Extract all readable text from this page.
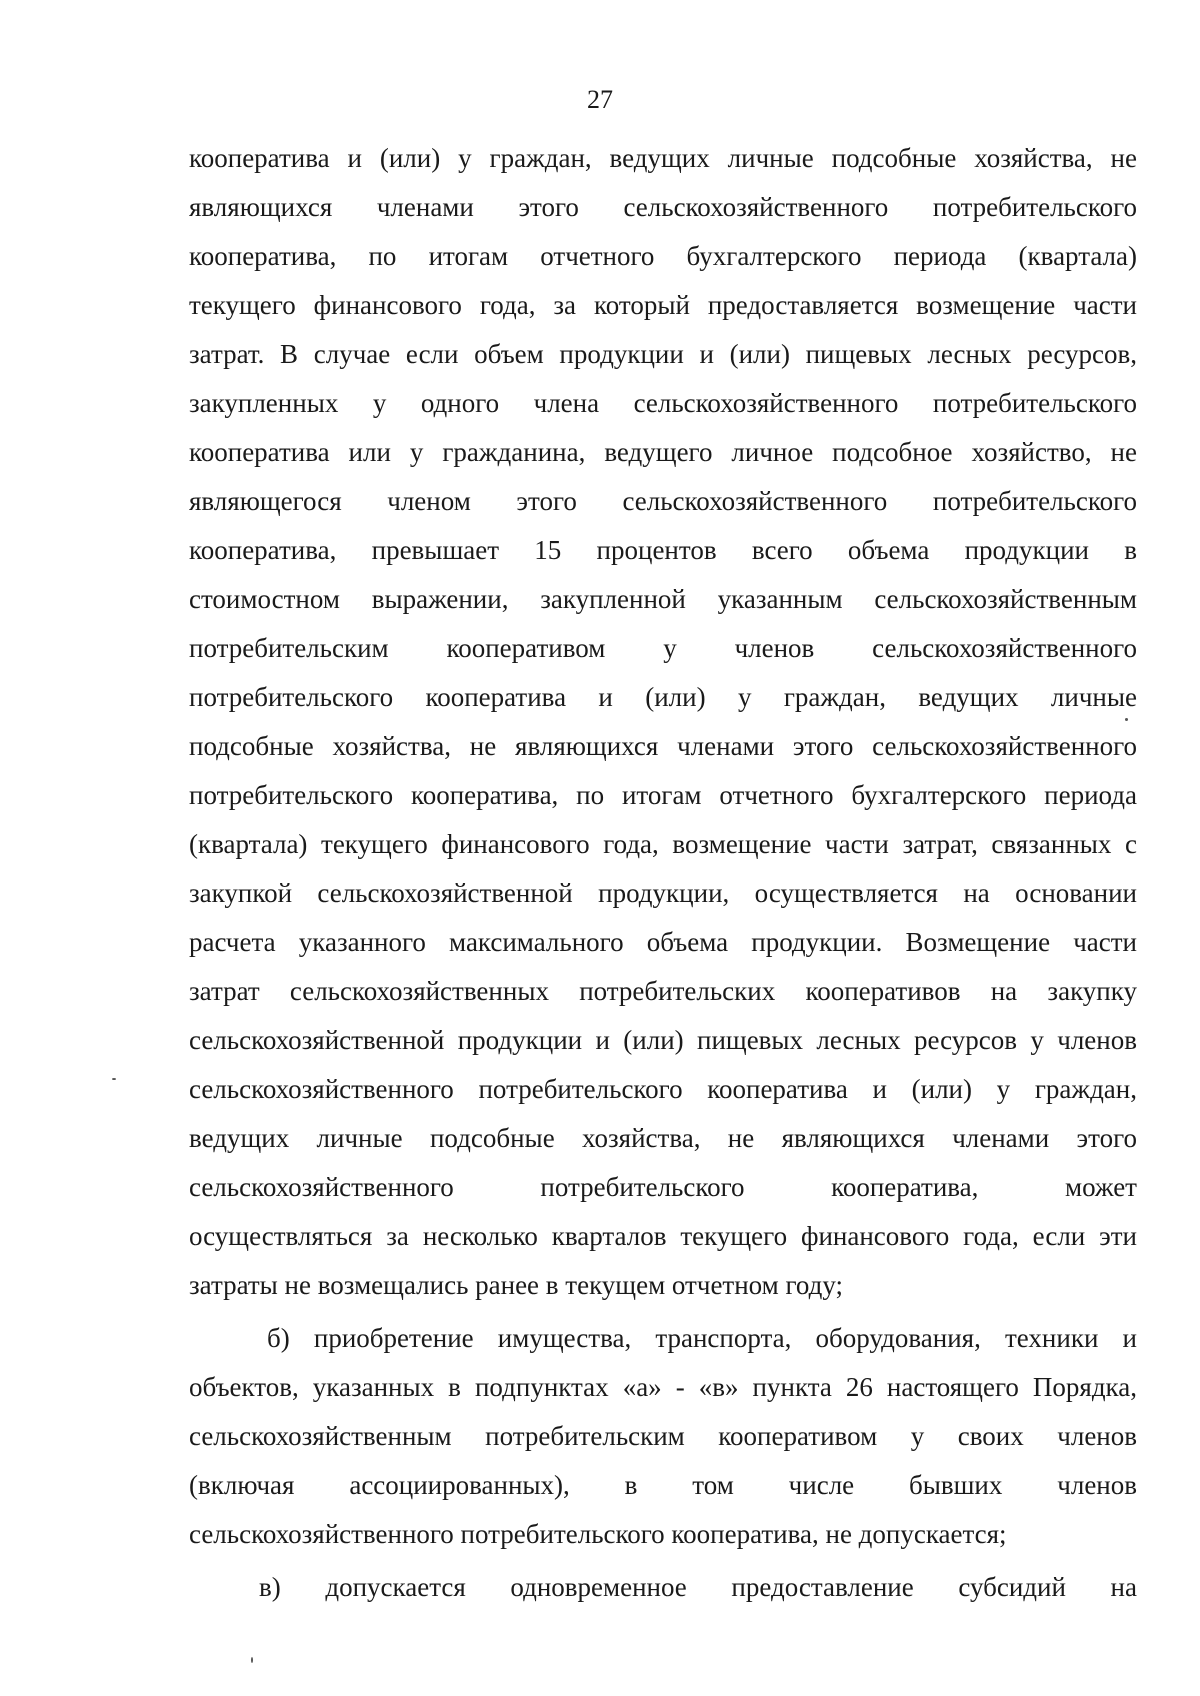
27
кооператива и (или) у граждан, ведущих личные подсобные хозяйства, не
являющихся членами этого сельскохозяйственного потребительского
кооператива, по итогам отчетного бухгалтерского периода (квартала)
текущего финансового года, за который предоставляется возмещение части
затрат. В случае если объем продукции и (или) пищевых лесных ресурсов,
закупленных у одного члена сельскохозяйственного потребительского
кооператива или у гражданина, ведущего личное подсобное хозяйство, не
являющегося членом этого сельскохозяйственного потребительского
кооператива, превышает 15 процентов всего объема продукции в
стоимостном выражении, закупленной указанным сельскохозяйственным
потребительским кооперативом у членов сельскохозяйственного
потребительского кооператива и (или) у граждан, ведущих личные
подсобные хозяйства, не являющихся членами этого сельскохозяйственного
потребительского кооператива, по итогам отчетного бухгалтерского периода
(квартала) текущего финансового года, возмещение части затрат, связанных с
закупкой сельскохозяйственной продукции, осуществляется на основании
расчета указанного максимального объема продукции. Возмещение части
затрат сельскохозяйственных потребительских кооперативов на закупку
сельскохозяйственной продукции и (или) пищевых лесных ресурсов у членов
сельскохозяйственного потребительского кооператива и (или) у граждан,
ведущих личные подсобные хозяйства, не являющихся членами этого
сельскохозяйственного потребительского кооператива, может
осуществляться за несколько кварталов текущего финансового года, если эти
затраты не возмещались ранее в текущем отчетном году;
б) приобретение имущества, транспорта, оборудования, техники и
объектов, указанных в подпунктах «а» - «в» пункта 26 настоящего Порядка,
сельскохозяйственным потребительским кооперативом у своих членов
(включая ассоциированных), в том числе бывших членов
сельскохозяйственного потребительского кооператива, не допускается;
в) допускается одновременное предоставление субсидий на
